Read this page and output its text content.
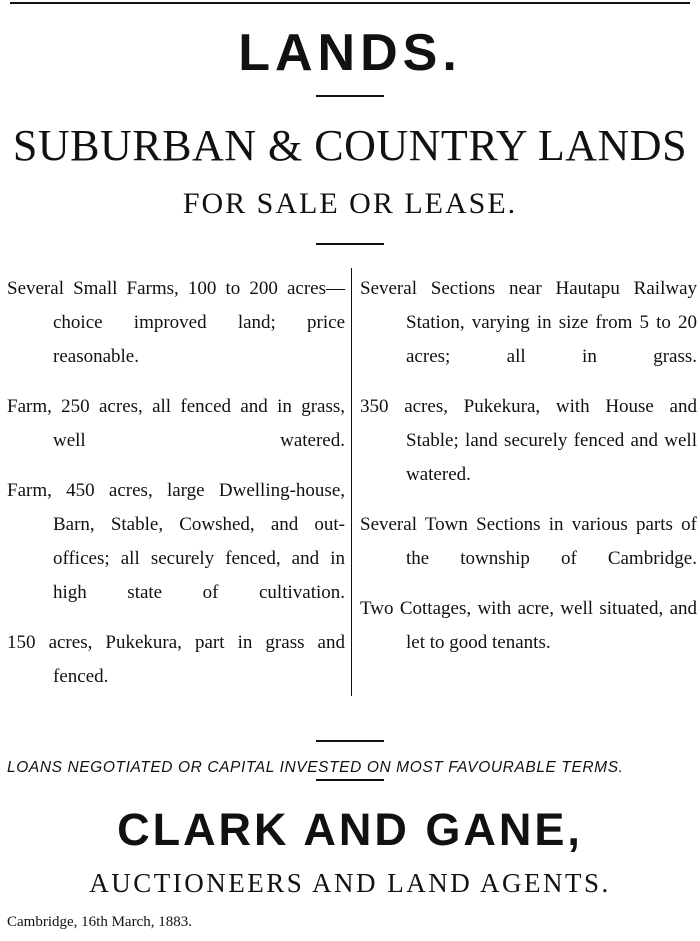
LANDS.
SUBURBAN & COUNTRY LANDS
FOR SALE OR LEASE.

Several Small Farms, 100 to 200 acres—choice improved land; price reasonable.

Farm, 250 acres, all fenced and in grass, well watered.

Farm, 450 acres, large Dwelling-house, Barn, Stable, Cowshed, and out-offices; all securely fenced, and in high state of cultivation.

150 acres, Pukekura, part in grass and fenced.

Several Sections near Hautapu Railway Station, varying in size from 5 to 20 acres; all in grass.

350 acres, Pukekura, with House and Stable; land securely fenced and well watered.

Several Town Sections in various parts of the township of Cambridge.

Two Cottages, with acre, well situated, and let to good tenants.

LOANS NEGOTIATED OR CAPITAL INVESTED ON MOST FAVOURABLE TERMS.
CLARK AND GANE,
AUCTIONEERS AND LAND AGENTS.
Cambridge, 16th March, 1883.
